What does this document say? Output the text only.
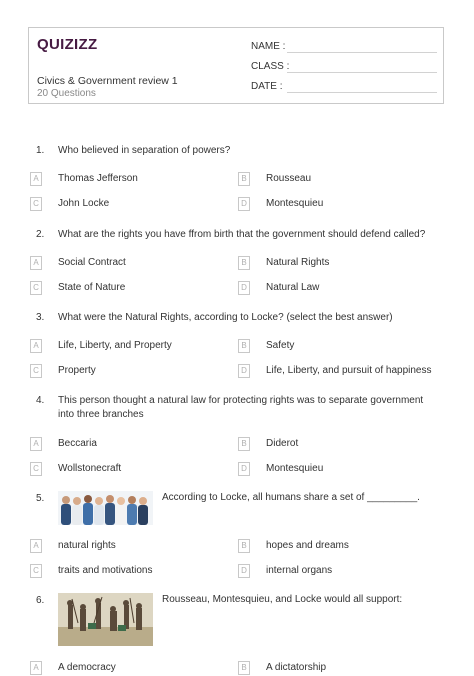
QUIZIZZ
Civics & Government review 1
20 Questions
NAME :
CLASS :
DATE :
1.	Who believed in separation of powers?
A	Thomas Jefferson	B	Rousseau
C	John Locke	D	Montesquieu
2.	What are the rights you have ffrom birth that the government should defend called?
A	Social Contract	B	Natural Rights
C	State of Nature	D	Natural Law
3.	What were the Natural Rights, according to Locke? (select the best answer)
A	Life, Liberty, and Property	B	Safety
C	Property	D	Life, Liberty, and pursuit of happiness
4.	This person thought a natural law for protecting rights was to separate government into three branches
A	Beccaria	B	Diderot
C	Wollstonecraft	D	Montesquieu
5.	According to Locke, all humans share a set of _________.
A	natural rights	B	hopes and dreams
C	traits and motivations	D	internal organs
6.	Rousseau, Montesquieu, and Locke would all support:
A	A democracy	B	A dictatorship
